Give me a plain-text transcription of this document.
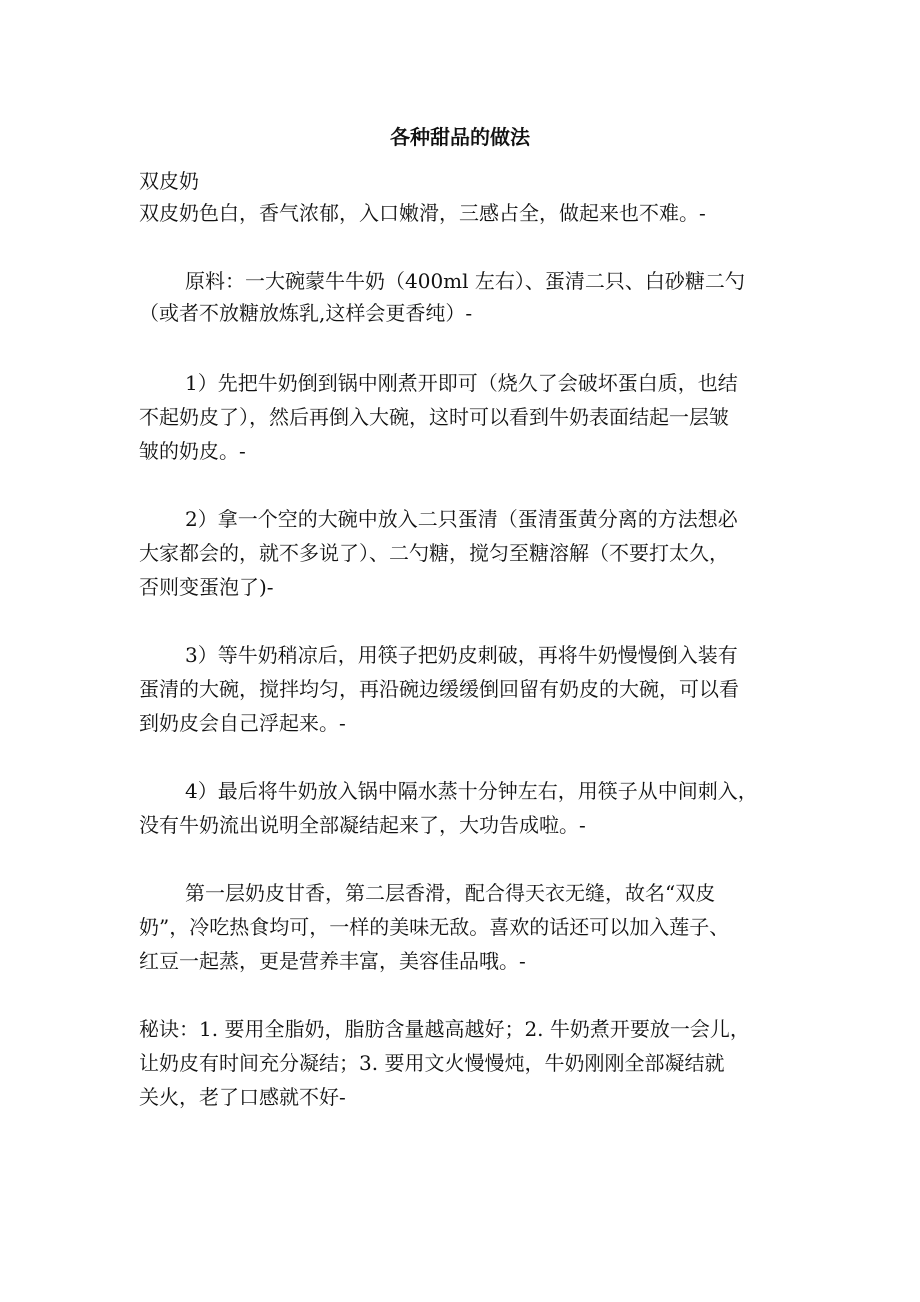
各种甜品的做法

双皮奶

双皮奶色白，香气浓郁，入口嫩滑，三感占全，做起来也不难。-

原料：一大碗蒙牛牛奶（400ml 左右）、蛋清二只、白砂糖二勺

（或者不放糖放炼乳,这样会更香纯）-

1）先把牛奶倒到锅中刚煮开即可（烧久了会破坏蛋白质，也结

不起奶皮了），然后再倒入大碗，这时可以看到牛奶表面结起一层皱

皱的奶皮。-

2）拿一个空的大碗中放入二只蛋清（蛋清蛋黄分离的方法想必

大家都会的，就不多说了）、二勺糖，搅匀至糖溶解（不要打太久，

否则变蛋泡了)-

3）等牛奶稍凉后，用筷子把奶皮刺破，再将牛奶慢慢倒入装有

蛋清的大碗，搅拌均匀，再沿碗边缓缓倒回留有奶皮的大碗，可以看

到奶皮会自己浮起来。-

4）最后将牛奶放入锅中隔水蒸十分钟左右，用筷子从中间刺入，

没有牛奶流出说明全部凝结起来了，大功告成啦。-

第一层奶皮甘香，第二层香滑，配合得天衣无缝，故名“双皮

奶”，冷吃热食均可，一样的美味无敌。喜欢的话还可以加入莲子、

红豆一起蒸，更是营养丰富，美容佳品哦。-

秘诀：1. 要用全脂奶，脂肪含量越高越好；2. 牛奶煮开要放一会儿，

让奶皮有时间充分凝结；3. 要用文火慢慢炖，牛奶刚刚全部凝结就

关火，老了口感就不好-
